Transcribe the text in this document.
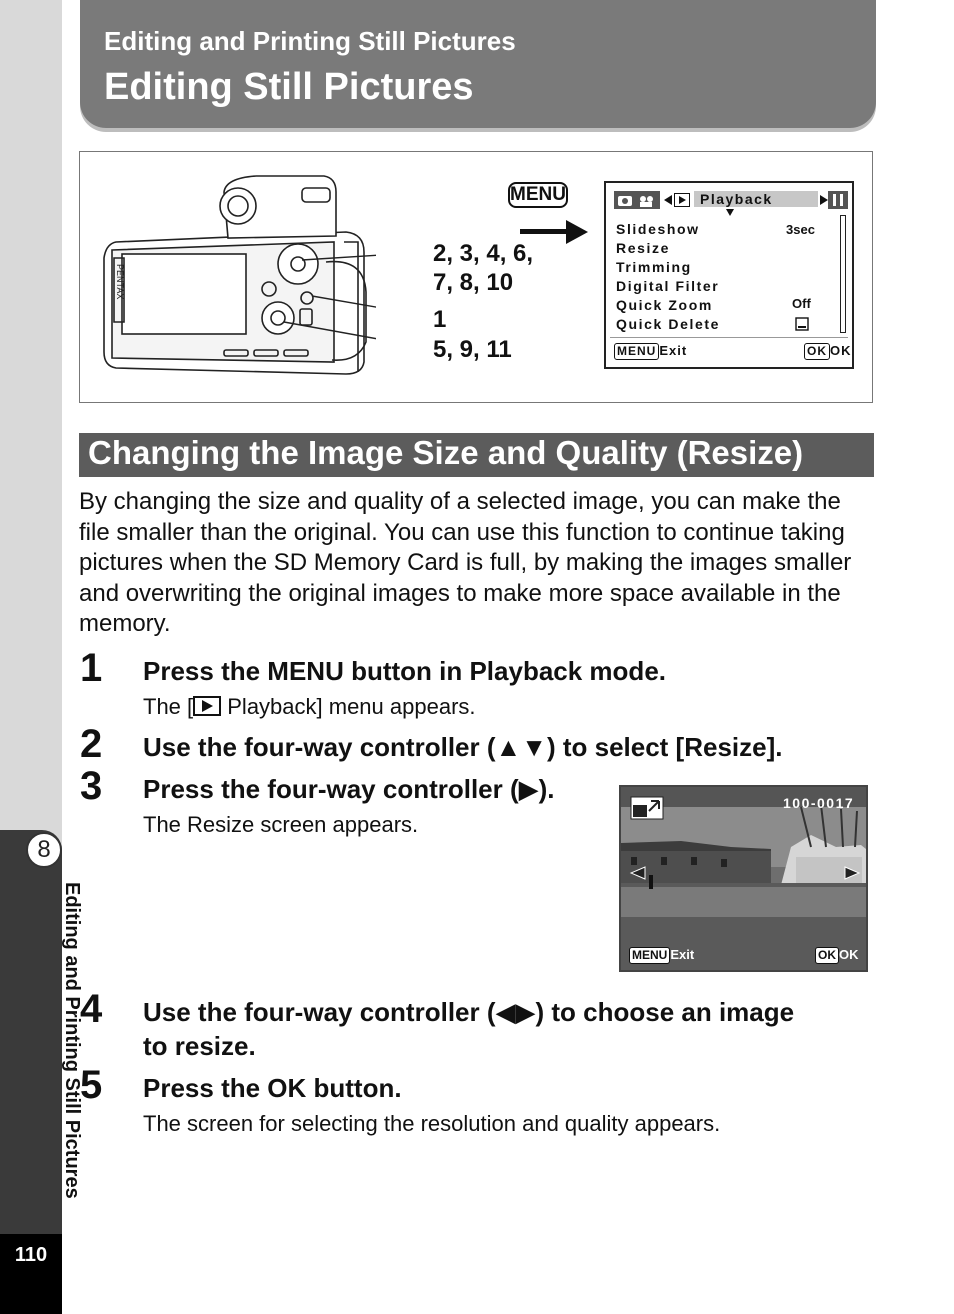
8
Editing and Printing Still Pictures
110
Editing and Printing Still Pictures
Editing Still Pictures
PENTAX
2, 3, 4, 6,
7, 8, 10
1
5, 9, 11
MENU	Playback
Slideshow
Resize
Trimming
Digital Filter
Quick Zoom
Quick Delete
3sec
Off
MENU Exit	OK OK
Changing the Image Size and Quality (Resize)
By changing the size and quality of a selected image, you can make the file smaller than the original. You can use this function to continue taking pictures when the SD Memory Card is full, by making the images smaller and overwriting the original images to make more space available in the memory.
1 Press the MENU button in Playback mode.
The [ Playback] menu appears.
2 Use the four-way controller (▲▼) to select [Resize].
3 Press the four-way controller (▶).
The Resize screen appears.
100-0017
MENU Exit	OK OK
4 Use the four-way controller (◀▶) to choose an image
to resize.
5 Press the OK button.
The screen for selecting the resolution and quality appears.
